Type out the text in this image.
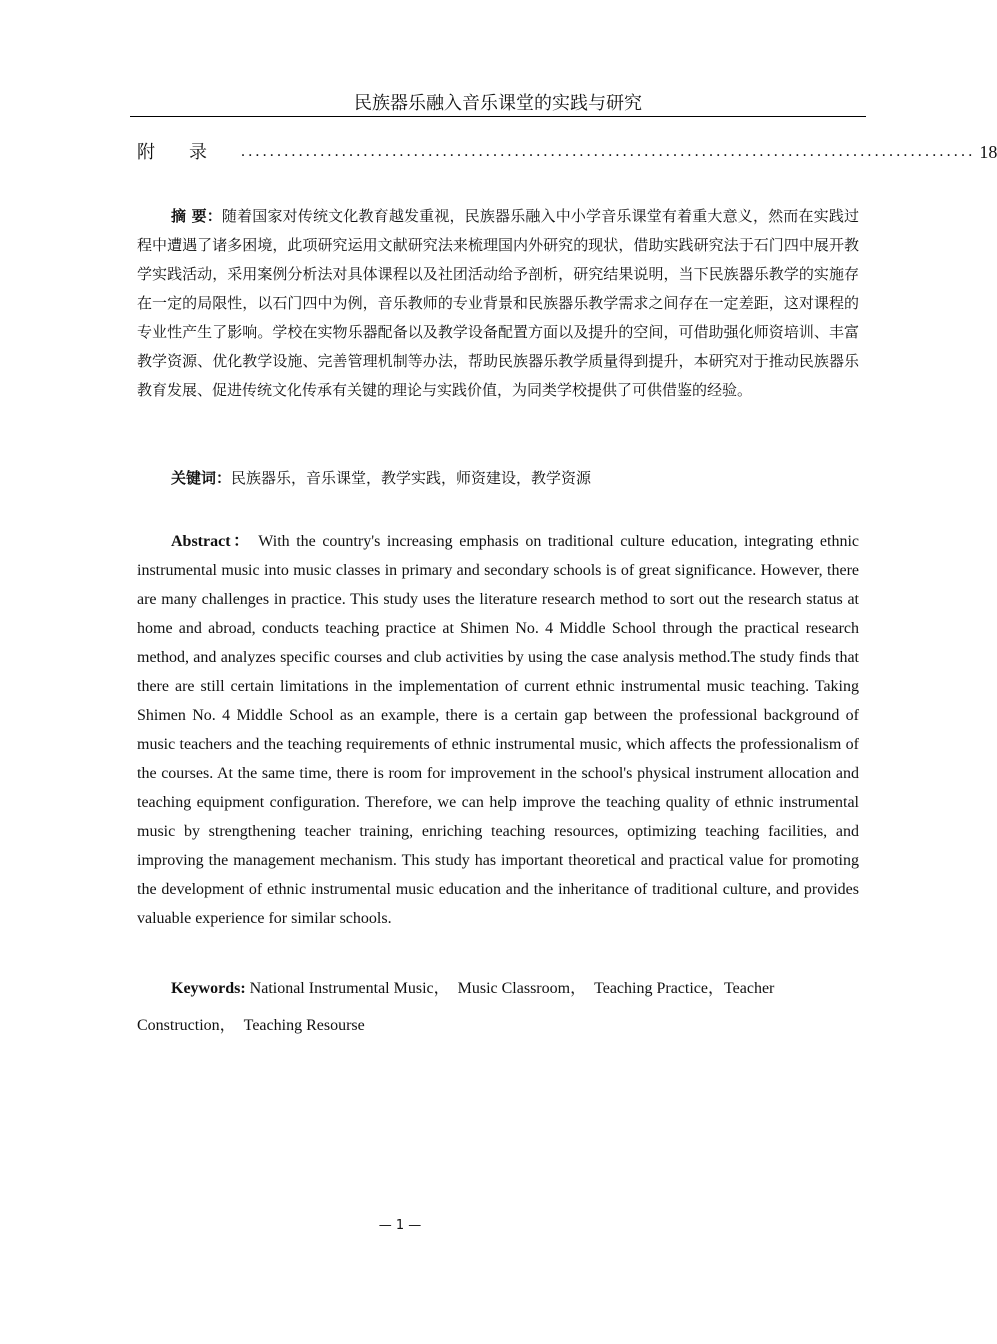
民族器乐融入音乐课堂的实践与研究
附录 ...................................................................................................... 18
摘 要：随着国家对传统文化教育越发重视，民族器乐融入中小学音乐课堂有着重大意义，然而在实践过程中遭遇了诸多困境，此项研究运用文献研究法来梳理国内外研究的现状，借助实践研究法于石门四中展开教学实践活动，采用案例分析法对具体课程以及社团活动给予剖析，研究结果说明，当下民族器乐教学的实施存在一定的局限性，以石门四中为例，音乐教师的专业背景和民族器乐教学需求之间存在一定差距，这对课程的专业性产生了影响。学校在实物乐器配备以及教学设备配置方面以及提升的空间，可借助强化师资培训、丰富教学资源、优化教学设施、完善管理机制等办法，帮助民族器乐教学质量得到提升，本研究对于推动民族器乐教育发展、促进传统文化传承有关键的理论与实践价值，为同类学校提供了可供借鉴的经验。
关键词：民族器乐，音乐课堂，教学实践，师资建设，教学资源
Abstract： With the country's increasing emphasis on traditional culture education, integrating ethnic instrumental music into music classes in primary and secondary schools is of great significance. However, there are many challenges in practice. This study uses the literature research method to sort out the research status at home and abroad, conducts teaching practice at Shimen No. 4 Middle School through the practical research method, and analyzes specific courses and club activities by using the case analysis method.The study finds that there are still certain limitations in the implementation of current ethnic instrumental music teaching. Taking Shimen No. 4 Middle School as an example, there is a certain gap between the professional background of music teachers and the teaching requirements of ethnic instrumental music, which affects the professionalism of the courses. At the same time, there is room for improvement in the school's physical instrument allocation and teaching equipment configuration. Therefore, we can help improve the teaching quality of ethnic instrumental music by strengthening teacher training, enriching teaching resources, optimizing teaching facilities, and improving the management mechanism. This study has important theoretical and practical value for promoting the development of ethnic instrumental music education and the inheritance of traditional culture, and provides valuable experience for similar schools.
Keywords: National Instrumental Music，　Music Classroom，　Teaching Practice，Teacher Construction，　Teaching Resourse
— 1 —
